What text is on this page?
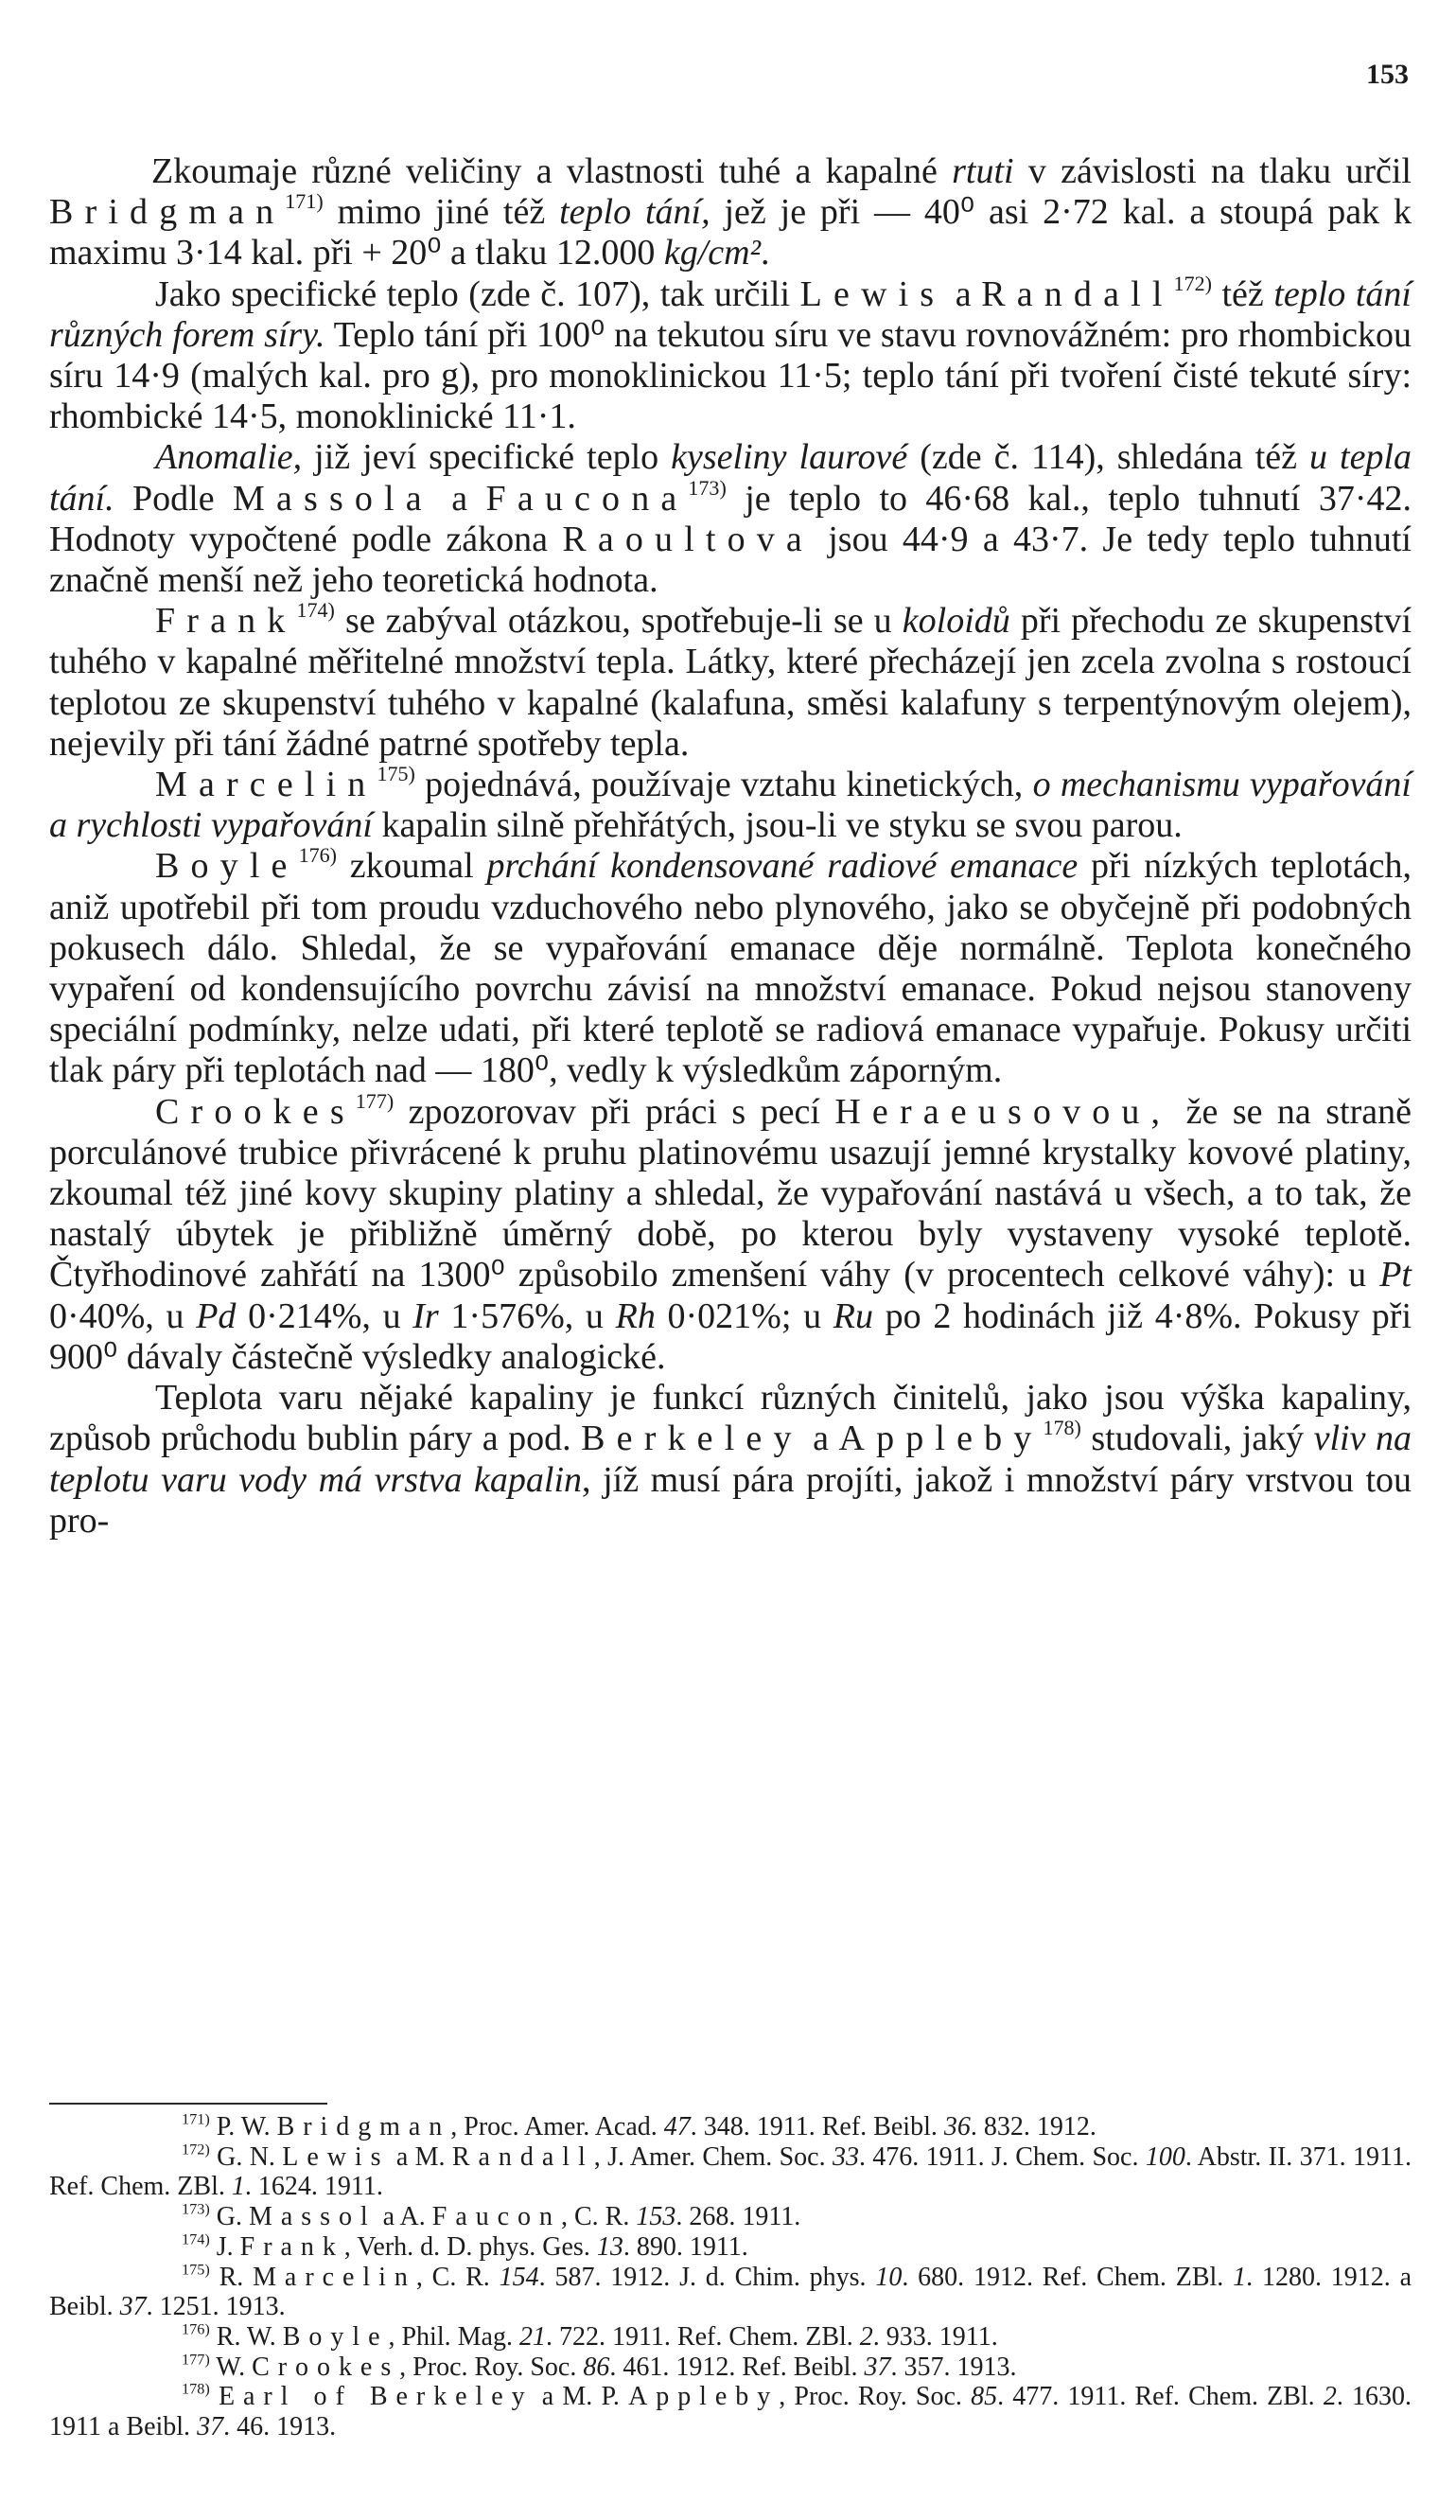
153

Zkoumaje různé veličiny a vlastnosti tuhé a kapalné rtuti v závislosti na tlaku určil Bridgman$^{171)}$ mimo jiné též teplo tání, jež je při — 40⁰ asi 2·72 kal. a stoupá pak k maximu 3·14 kal. při + 20⁰ a tlaku 12.000 kg/cm².

Jako specifické teplo (zde č. 107), tak určili Lewis a Randall$^{172)}$ též teplo tání různých forem síry. Teplo tání při 100⁰ na tekutou síru ve stavu rovnovážném: pro rhombickou síru 14·9 (malých kal. pro g), pro monoklinickou 11·5; teplo tání při tvoření čisté tekuté síry: rhombické 14·5, monoklinické 11·1.

Anomalie, již jeví specifické teplo kyseliny laurové (zde č. 114), shledána též u tepla tání. Podle Massola a Faucona$^{173)}$ je teplo to 46·68 kal., teplo tuhnutí 37·42. Hodnoty vypočtené podle zákona Raoultova jsou 44·9 a 43·7. Je tedy teplo tuhnutí značně menší než jeho teoretická hodnota.

Frank$^{174)}$ se zabýval otázkou, spotřebuje-li se u koloidů při přechodu ze skupenství tuhého v kapalné měřitelné množství tepla. Látky, které přecházejí jen zcela zvolna s rostoucí teplotou ze skupenství tuhého v kapalné (kalafuna, směsi kalafuny s terpentýnovým olejem), nejevily při tání žádné patrné spotřeby tepla.

Marcelin$^{175)}$ pojednává, používaje vztahu kinetických, o mechanismu vypařování a rychlosti vypařování kapalin silně přehřátých, jsou-li ve styku se svou parou.

Boyle$^{176)}$ zkoumal prchání kondensované radiové emanace při nízkých teplotách, aniž upotřebil při tom proudu vzduchového nebo plynového, jako se obyčejně při podobných pokusech dálo. Shledal, že se vypařování emanace děje normálně. Teplota konečného vypaření od kondensujícího povrchu závisí na množství emanace. Pokud nejsou stanoveny speciální podmínky, nelze udati, při které teplotě se radiová emanace vypařuje. Pokusy určiti tlak páry při teplotách nad — 180⁰, vedly k výsledkům záporným.

Crookes$^{177)}$ zpozorovav při práci s pecí Heraeusovou, že se na straně porculánové trubice přivrácené k pruhu platinovému usazují jemné krystalky kovové platiny, zkoumal též jiné kovy skupiny platiny a shledal, že vypařování nastává u všech, a to tak, že nastalý úbytek je přibližně úměrný době, po kterou byly vystaveny vysoké teplotě. Čtyřhodinové zahřátí na 1300⁰ způsobilo zmenšení váhy (v procentech celkové váhy): u Pt 0·40%, u Pd 0·214%, u Ir 1·576%, u Rh 0·021%; u Ru po 2 hodinách již 4·8%. Pokusy při 900⁰ dávaly částečně výsledky analogické.

Teplota varu nějaké kapaliny je funkcí různých činitelů, jako jsou výška kapaliny, způsob průchodu bublin páry a pod. Berkeley a Appleby$^{178)}$ studovali, jaký vliv na teplotu varu vody má vrstva kapalin, jíž musí pára projíti, jakož i množství páry vrstvou tou pro-

$^{171)}$ P. W. Bridgman, Proc. Amer. Acad. 47. 348. 1911. Ref. Beibl. 36. 832. 1912.

$^{172)}$ G. N. Lewis a M. Randall, J. Amer. Chem. Soc. 33. 476. 1911. J. Chem. Soc. 100. Abstr. II. 371. 1911. Ref. Chem. ZBl. 1. 1624. 1911.

$^{173)}$ G. Massol a A. Faucon, C. R. 153. 268. 1911.

$^{174)}$ J. Frank, Verh. d. D. phys. Ges. 13. 890. 1911.

$^{175)}$ R. Marcelin, C. R. 154. 587. 1912. J. d. Chim. phys. 10. 680. 1912. Ref. Chem. ZBl. 1. 1280. 1912. a Beibl. 37. 1251. 1913.

$^{176)}$ R. W. Boyle, Phil. Mag. 21. 722. 1911. Ref. Chem. ZBl. 2. 933. 1911.

$^{177)}$ W. Crookes, Proc. Roy. Soc. 86. 461. 1912. Ref. Beibl. 37. 357. 1913.

$^{178)}$ Earl of Berkeley a M. P. Appleby, Proc. Roy. Soc. 85. 477. 1911. Ref. Chem. ZBl. 2. 1630. 1911 a Beibl. 37. 46. 1913.
